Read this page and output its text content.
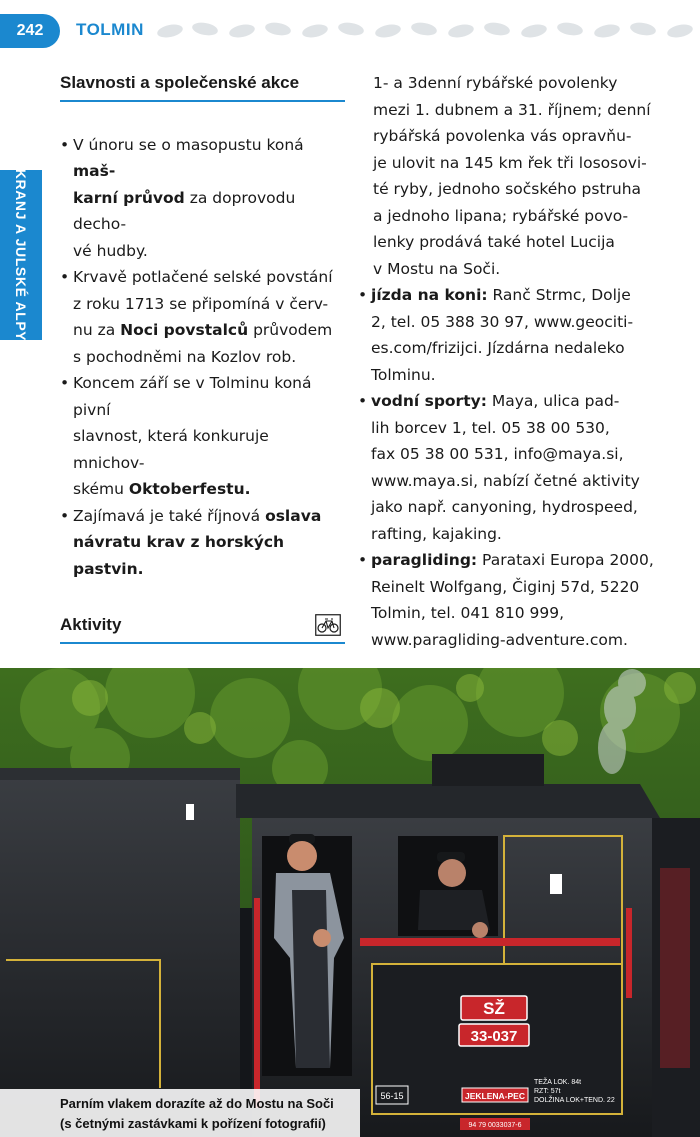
242	TOLMIN
KRANJ A JULSKÉ ALPY
Slavnosti a společenské akce
• V únoru se o masopustu koná maš-
karní průvod za doprovodu decho-
vé hudby.
• Krvavě potlačené selské povstání
z roku 1713 se připomíná v červ-
nu za Noci povstalců průvodem
s pochodněmi na Kozlov rob.
• Koncem září se v Tolminu koná pivní
slavnost, která konkuruje mnichov-
skému Oktoberfestu.
• Zajímavá je také říjnová oslava
návratu krav z horských pastvin.
Aktivity
•

1- a 3denní rybářské povolenky
mezi 1. dubnem a 31. říjnem; denní
rybářská povolenka vás opravňu-
je ulovit na 145 km řek tři lososovi-
té ryby, jednoho sočského pstruha
a jednoho lipana; rybářské povo-
lenky prodává také hotel Lucija
v Mostu na Soči.
• jízda na koni: Ranč Strmc, Dolje
2, tel. 05 388 30 97, www.geociti-
es.com/frizijci. Jízdárna nedaleko
Tolminu.
• vodní sporty: Maya, ulica pad-
lih borcev 1, tel. 05 38 00 530,
fax 05 38 00 531, info@maya.si,
www.maya.si, nabízí četné aktivity
jako např. canyoning, hydrospeed,
rafting, kajaking.
• paragliding: Parataxi Europa 2000,
Reinelt Wolfgang, Čiginj 57d, 5220
Tolmin, tel. 041 810 999,
www.paragliding-adventure.com.
SŽ
33-037
56-15	JEKLENA-PEC
TEŽA LOK. 84t
RZT: 57t
DOLŽINA LOK+TEND. 22
94 79 0033037-6
Parním vlakem dorazíte až do Mostu na Soči
(s četnými zastávkami k pořízení fotografií)
